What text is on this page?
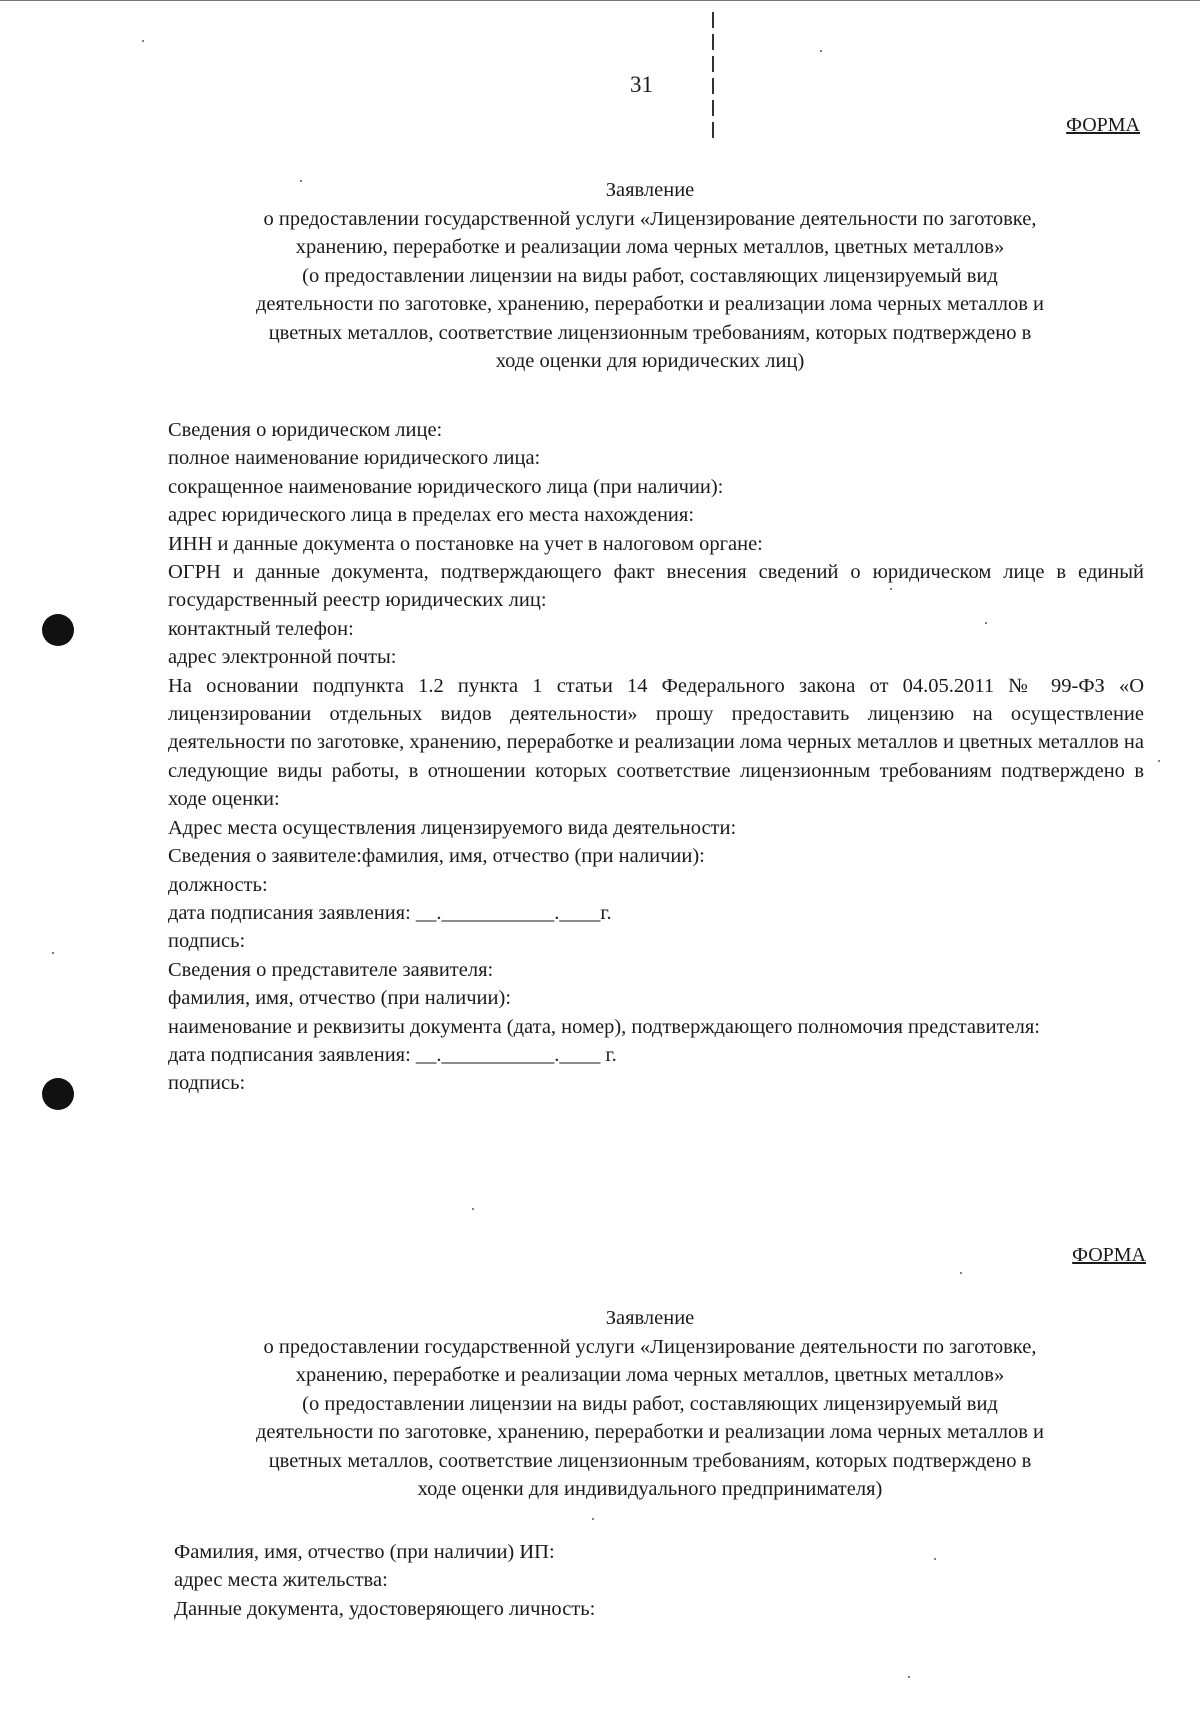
31
ФОРМА
Заявление
о предоставлении государственной услуги «Лицензирование деятельности по заготовке,
хранению, переработке и реализации лома черных металлов, цветных металлов»
(о предоставлении лицензии на виды работ, составляющих лицензируемый вид
деятельности по заготовке, хранению, переработки и реализации лома черных металлов и
цветных металлов, соответствие лицензионным требованиям, которых подтверждено в
ходе оценки для юридических лиц)

Сведения о юридическом лице:

полное наименование юридического лица:

сокращенное наименование юридического лица (при наличии):

адрес юридического лица в пределах его места нахождения:

ИНН и данные документа о постановке на учет в налоговом органе:

ОГРН и данные документа, подтверждающего факт внесения сведений о юридическом лице в единый государственный реестр юридических лиц:

контактный телефон:

адрес электронной почты:

На основании подпункта 1.2 пункта 1 статьи 14 Федерального закона от 04.05.2011 № 99-ФЗ «О лицензировании отдельных видов деятельности» прошу предоставить лицензию на осуществление деятельности по заготовке, хранению, переработке и реализации лома черных металлов и цветных металлов на следующие виды работы, в отношении которых соответствие лицензионным требованиям подтверждено в ходе оценки:

Адрес места осуществления лицензируемого вида деятельности:

Сведения о заявителе:фамилия, имя, отчество (при наличии):

должность:

дата подписания заявления: __.___________.____г.

подпись:

Сведения о представителе заявителя:

фамилия, имя, отчество (при наличии):

наименование и реквизиты документа (дата, номер), подтверждающего полномочия представителя:

дата подписания заявления: __.___________.____ г.

подпись:

ФОРМА
Заявление
о предоставлении государственной услуги «Лицензирование деятельности по заготовке,
хранению, переработке и реализации лома черных металлов, цветных металлов»
(о предоставлении лицензии на виды работ, составляющих лицензируемый вид
деятельности по заготовке, хранению, переработки и реализации лома черных металлов и
цветных металлов, соответствие лицензионным требованиям, которых подтверждено в
ходе оценки для индивидуального предпринимателя)

Фамилия, имя, отчество (при наличии) ИП:

адрес места жительства:

Данные документа, удостоверяющего личность:
